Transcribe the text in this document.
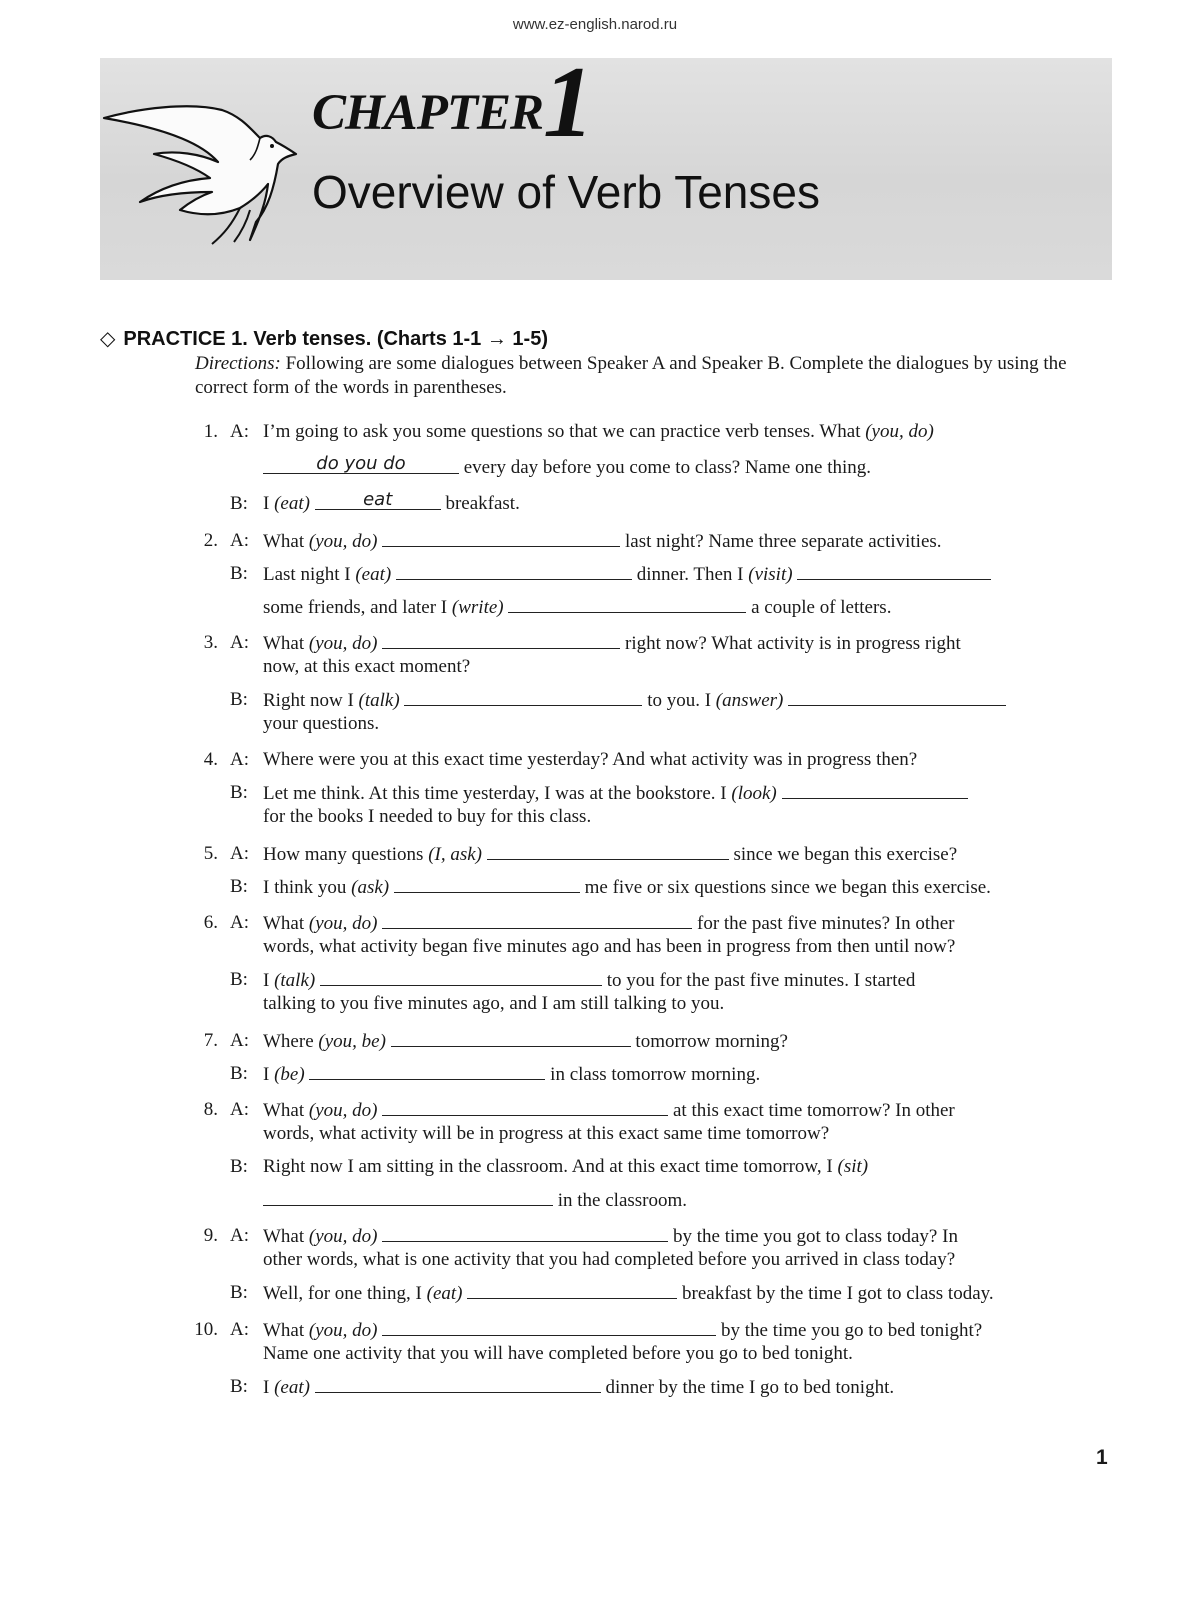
www.ez-english.narod.ru
CHAPTER 1
Overview of Verb Tenses
◇ PRACTICE 1. Verb tenses. (Charts 1-1 → 1-5)
Directions: Following are some dialogues between Speaker A and Speaker B. Complete the dialogues by using the correct form of the words in parentheses.
1. A: I’m going to ask you some questions so that we can practice verb tenses. What (you, do)
do you do	every day before you come to class? Name one thing.
B: I (eat)	eat	breakfast.
2. A: What (you, do)	last night? Name three separate activities.
B: Last night I (eat)	dinner. Then I (visit)
some friends, and later I (write)	a couple of letters.
3. A: What (you, do)	right now? What activity is in progress right
now, at this exact moment?
B: Right now I (talk)	to you. I (answer)
your questions.
4. A: Where were you at this exact time yesterday? And what activity was in progress then?
B: Let me think. At this time yesterday, I was at the bookstore. I (look)
for the books I needed to buy for this class.
5. A: How many questions (I, ask)	since we began this exercise?
B: I think you (ask)	me five or six questions since we began this exercise.
6. A: What (you, do)	for the past five minutes? In other
words, what activity began five minutes ago and has been in progress from then until now?
B: I (talk)	to you for the past five minutes. I started
talking to you five minutes ago, and I am still talking to you.
7. A: Where (you, be)	tomorrow morning?
B: I (be)	in class tomorrow morning.
8. A: What (you, do)	at this exact time tomorrow? In other
words, what activity will be in progress at this exact same time tomorrow?
B: Right now I am sitting in the classroom. And at this exact time tomorrow, I (sit)
in the classroom.
9. A: What (you, do)	by the time you got to class today? In
other words, what is one activity that you had completed before you arrived in class today?
B: Well, for one thing, I (eat)	breakfast by the time I got to class today.
10. A: What (you, do)	by the time you go to bed tonight?
Name one activity that you will have completed before you go to bed tonight.
B: I (eat)	dinner by the time I go to bed tonight.
1
